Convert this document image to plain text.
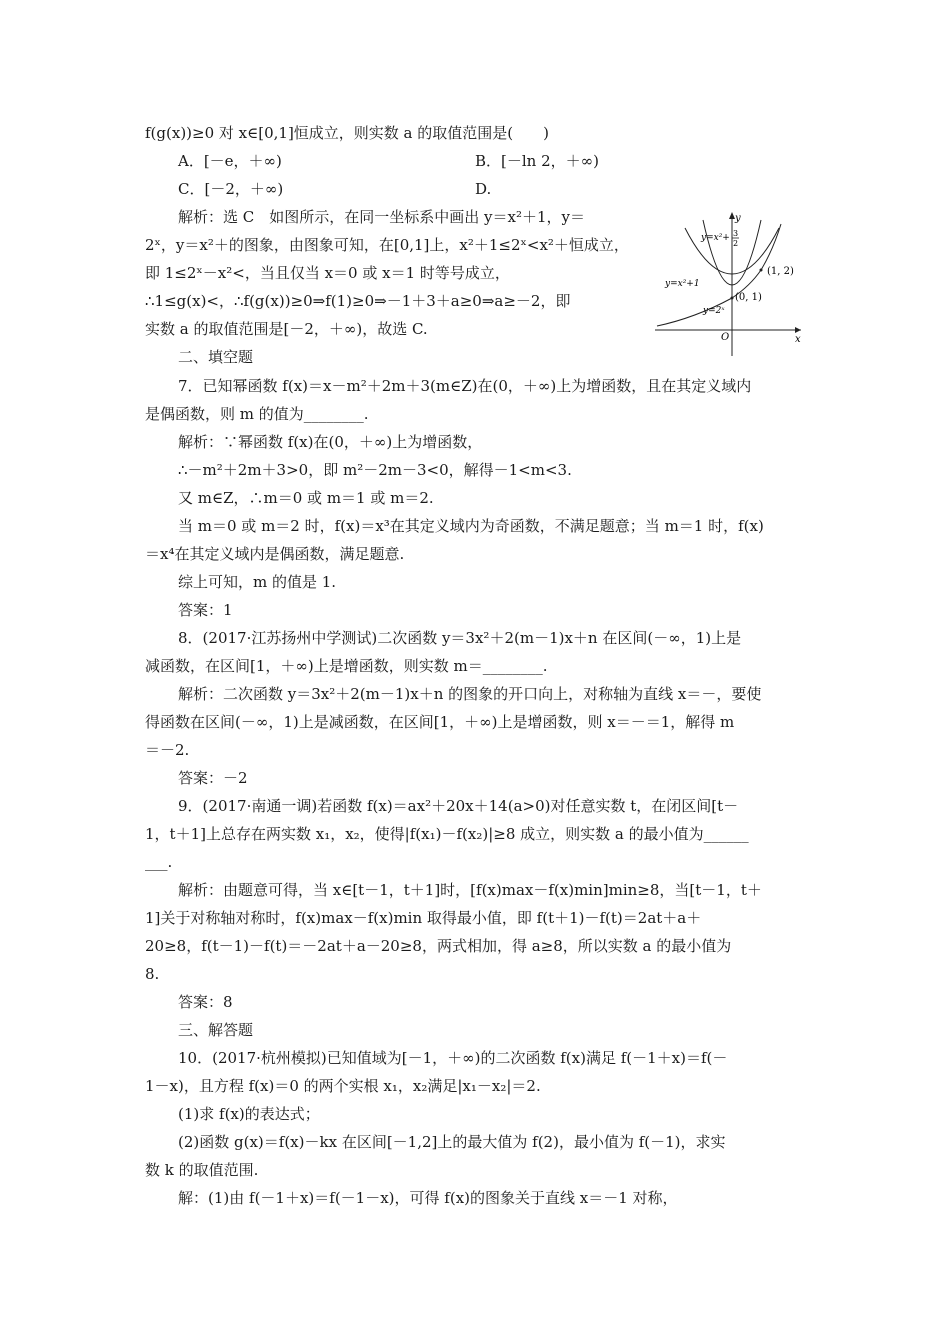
f(g(x))≥0 对 x∈[0,1]恒成立，则实数 a 的取值范围是(　　)
A．[－e，＋∞)	B．[－ln 2，＋∞)
C．[－2，＋∞)	D.
解析：选 C　如图所示，在同一坐标系中画出 y＝x²＋1，y＝
2ˣ，y＝x²＋的图象，由图象可知，在[0,1]上，x²＋1≤2ˣ<x²＋恒成立，
即 1≤2ˣ－x²<，当且仅当 x＝0 或 x＝1 时等号成立，
∴1≤g(x)<，∴f(g(x))≥0⇒f(1)≥0⇒－1＋3＋a≥0⇒a≥－2，即
实数 a 的取值范围是[－2，＋∞)，故选 C.
二、填空题
7．已知幂函数 f(x)＝x－m²＋2m＋3(m∈Z)在(0，＋∞)上为增函数，且在其定义域内
是偶函数，则 m 的值为________.
解析：∵幂函数 f(x)在(0，＋∞)上为增函数，
∴－m²＋2m＋3>0，即 m²－2m－3<0，解得－1<m<3.
又 m∈Z，∴m＝0 或 m＝1 或 m＝2.
当 m＝0 或 m＝2 时，f(x)＝x³在其定义域内为奇函数，不满足题意；当 m＝1 时，f(x)
＝x⁴在其定义域内是偶函数，满足题意.
综上可知，m 的值是 1.
答案：1
8．(2017·江苏扬州中学测试)二次函数 y＝3x²＋2(m－1)x＋n 在区间(－∞，1)上是
减函数，在区间[1，＋∞)上是增函数，则实数 m＝________.
解析：二次函数 y＝3x²＋2(m－1)x＋n 的图象的开口向上，对称轴为直线 x＝－，要使
得函数在区间(－∞，1)上是减函数，在区间[1，＋∞)上是增函数，则 x＝－＝1，解得 m
＝－2.
答案：－2
9．(2017·南通一调)若函数 f(x)＝ax²＋20x＋14(a>0)对任意实数 t，在闭区间[t－
1，t＋1]上总存在两实数 x₁，x₂，使得|f(x₁)－f(x₂)|≥8 成立，则实数 a 的最小值为______
___.
解析：由题意可得，当 x∈[t－1，t＋1]时，[f(x)max－f(x)min]min≥8，当[t－1，t＋
1]关于对称轴对称时，f(x)max－f(x)min 取得最小值，即 f(t＋1)－f(t)＝2at＋a＋
20≥8，f(t－1)－f(t)＝－2at＋a－20≥8，两式相加，得 a≥8，所以实数 a 的最小值为
8.
答案：8
三、解答题
10．(2017·杭州模拟)已知值域为[－1，＋∞)的二次函数 f(x)满足 f(－1＋x)＝f(－
1－x)，且方程 f(x)＝0 的两个实根 x₁，x₂满足|x₁－x₂|＝2.
(1)求 f(x)的表达式；
(2)函数 g(x)＝f(x)－kx 在区间[－1,2]上的最大值为 f(2)，最小值为 f(－1)，求实
数 k 的取值范围.
解：(1)由 f(－1＋x)＝f(－1－x)，可得 f(x)的图象关于直线 x＝－1 对称，
x
y
O
y=x²+ 3
2
y=x²+1
y=2ˣ
(1, 2)
(0, 1)
